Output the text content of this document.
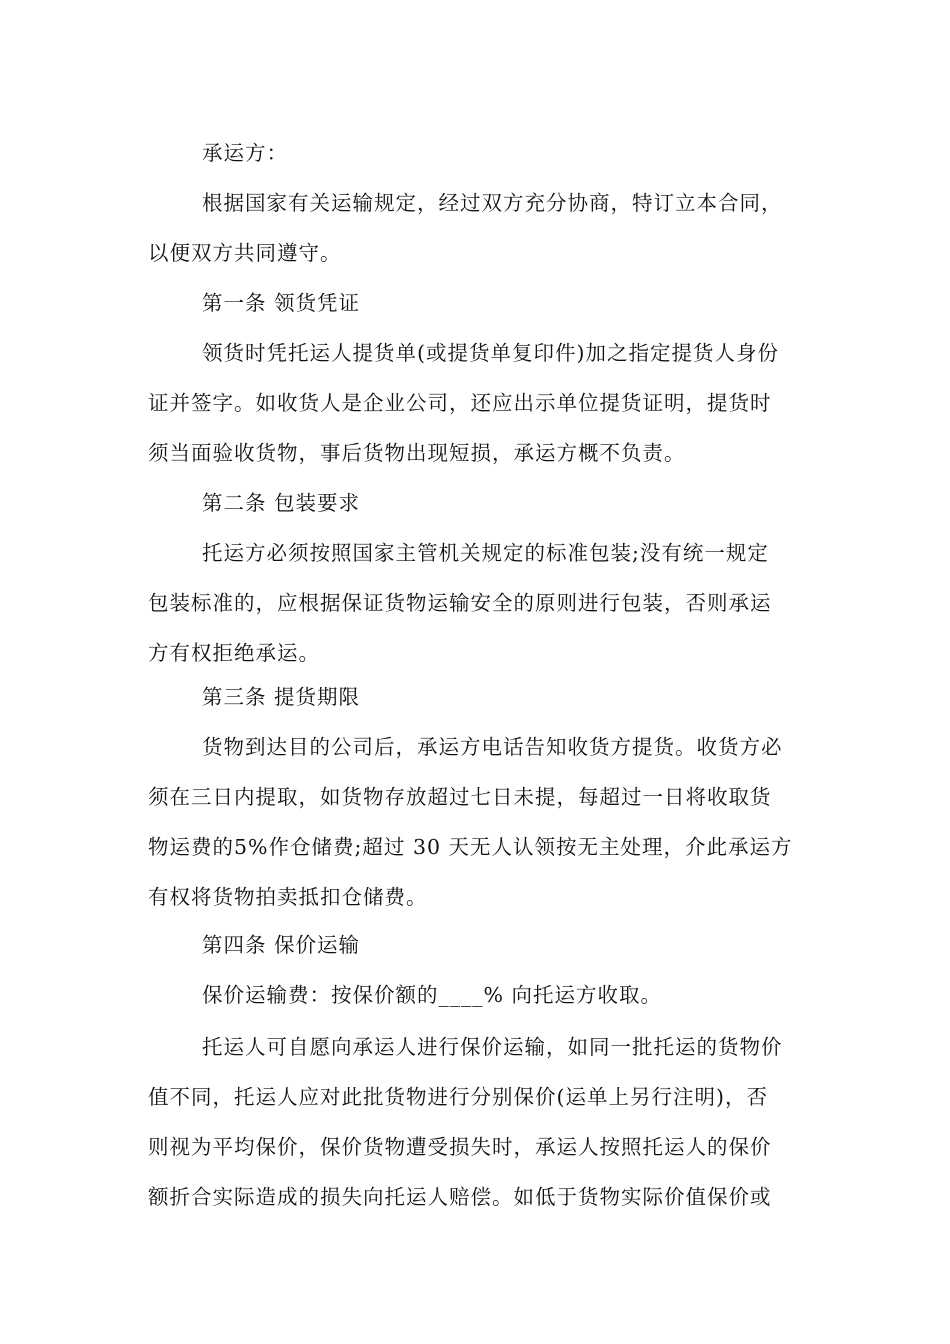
承运方：

根据国家有关运输规定，经过双方充分协商，特订立本合同，
以便双方共同遵守。

第一条 领货凭证

领货时凭托运人提货单(或提货单复印件)加之指定提货人身份
证并签字。如收货人是企业公司，还应出示单位提货证明，提货时
须当面验收货物，事后货物出现短损，承运方概不负责。

第二条 包装要求

托运方必须按照国家主管机关规定的标准包装;没有统一规定
包装标准的，应根据保证货物运输安全的原则进行包装，否则承运
方有权拒绝承运。

第三条 提货期限

货物到达目的公司后，承运方电话告知收货方提货。收货方必
须在三日内提取，如货物存放超过七日未提，每超过一日将收取货
物运费的5%作仓储费;超过 30 天无人认领按无主处理，介此承运方
有权将货物拍卖抵扣仓储费。

第四条 保价运输

保价运输费：按保价额的____% 向托运方收取。

托运人可自愿向承运人进行保价运输，如同一批托运的货物价
值不同，托运人应对此批货物进行分别保价(运单上另行注明)，否
则视为平均保价，保价货物遭受损失时，承运人按照托运人的保价
额折合实际造成的损失向托运人赔偿。如低于货物实际价值保价或
